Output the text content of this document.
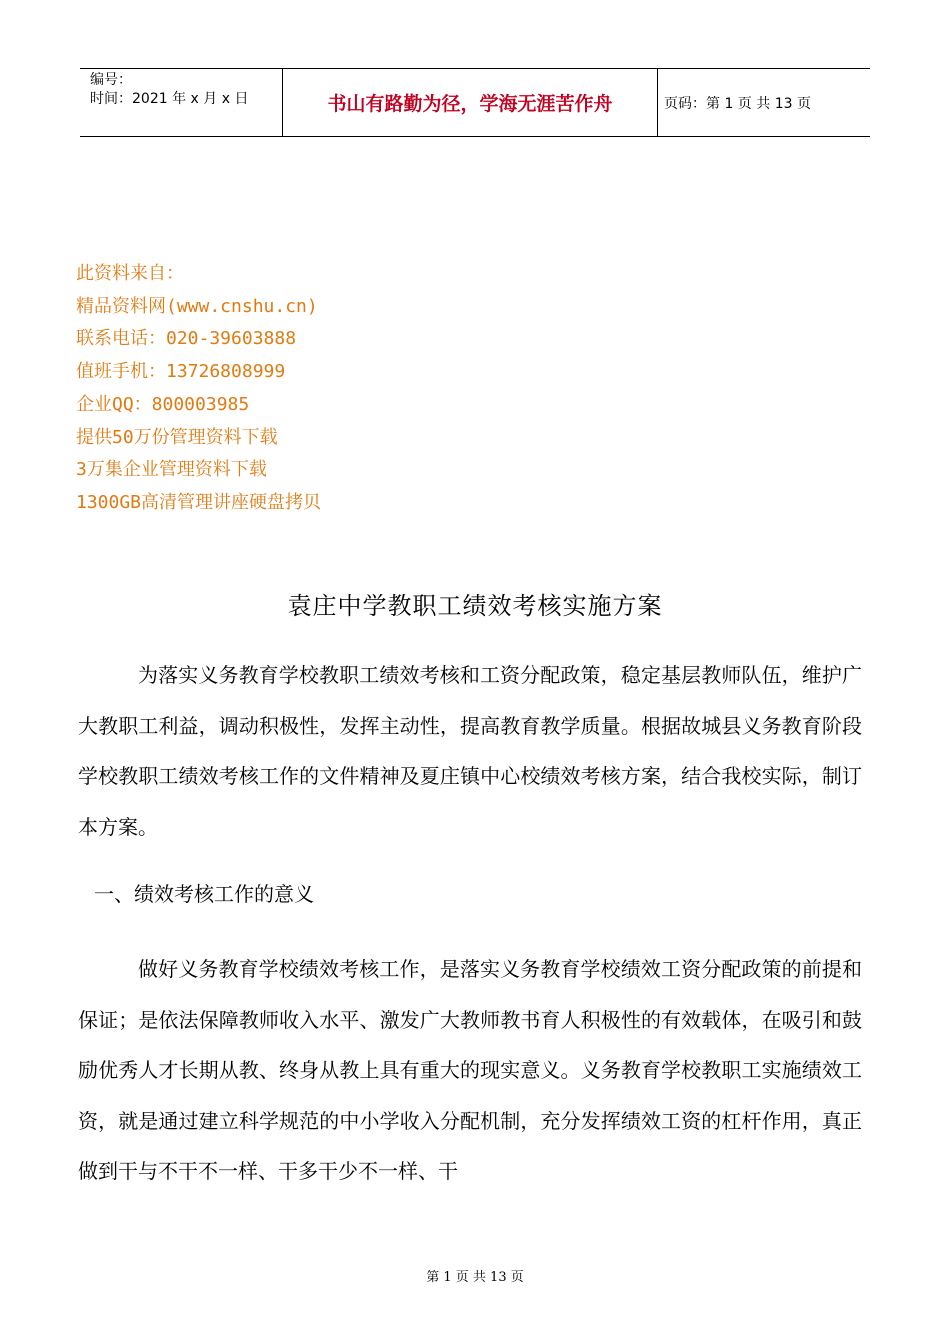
编号：
时间：2021 年 x 月 x 日	书山有路勤为径，学海无涯苦作舟	页码：第 1 页 共 13 页
此资料来自：
精品资料网(www.cnshu.cn)
联系电话：020-39603888
值班手机：13726808999
企业QQ：800003985
提供50万份管理资料下载
3万集企业管理资料下载
1300GB高清管理讲座硬盘拷贝
袁庄中学教职工绩效考核实施方案
为落实义务教育学校教职工绩效考核和工资分配政策，稳定基层教师队伍，维护广大教职工利益，调动积极性，发挥主动性，提高教育教学质量。根据故城县义务教育阶段学校教职工绩效考核工作的文件精神及夏庄镇中心校绩效考核方案，结合我校实际，制订本方案。
一、绩效考核工作的意义
做好义务教育学校绩效考核工作，是落实义务教育学校绩效工资分配政策的前提和保证；是依法保障教师收入水平、激发广大教师教书育人积极性的有效载体，在吸引和鼓励优秀人才长期从教、终身从教上具有重大的现实意义。义务教育学校教职工实施绩效工资，就是通过建立科学规范的中小学收入分配机制，充分发挥绩效工资的杠杆作用，真正做到干与不干不一样、干多干少不一样、干
第 1 页 共 13 页
